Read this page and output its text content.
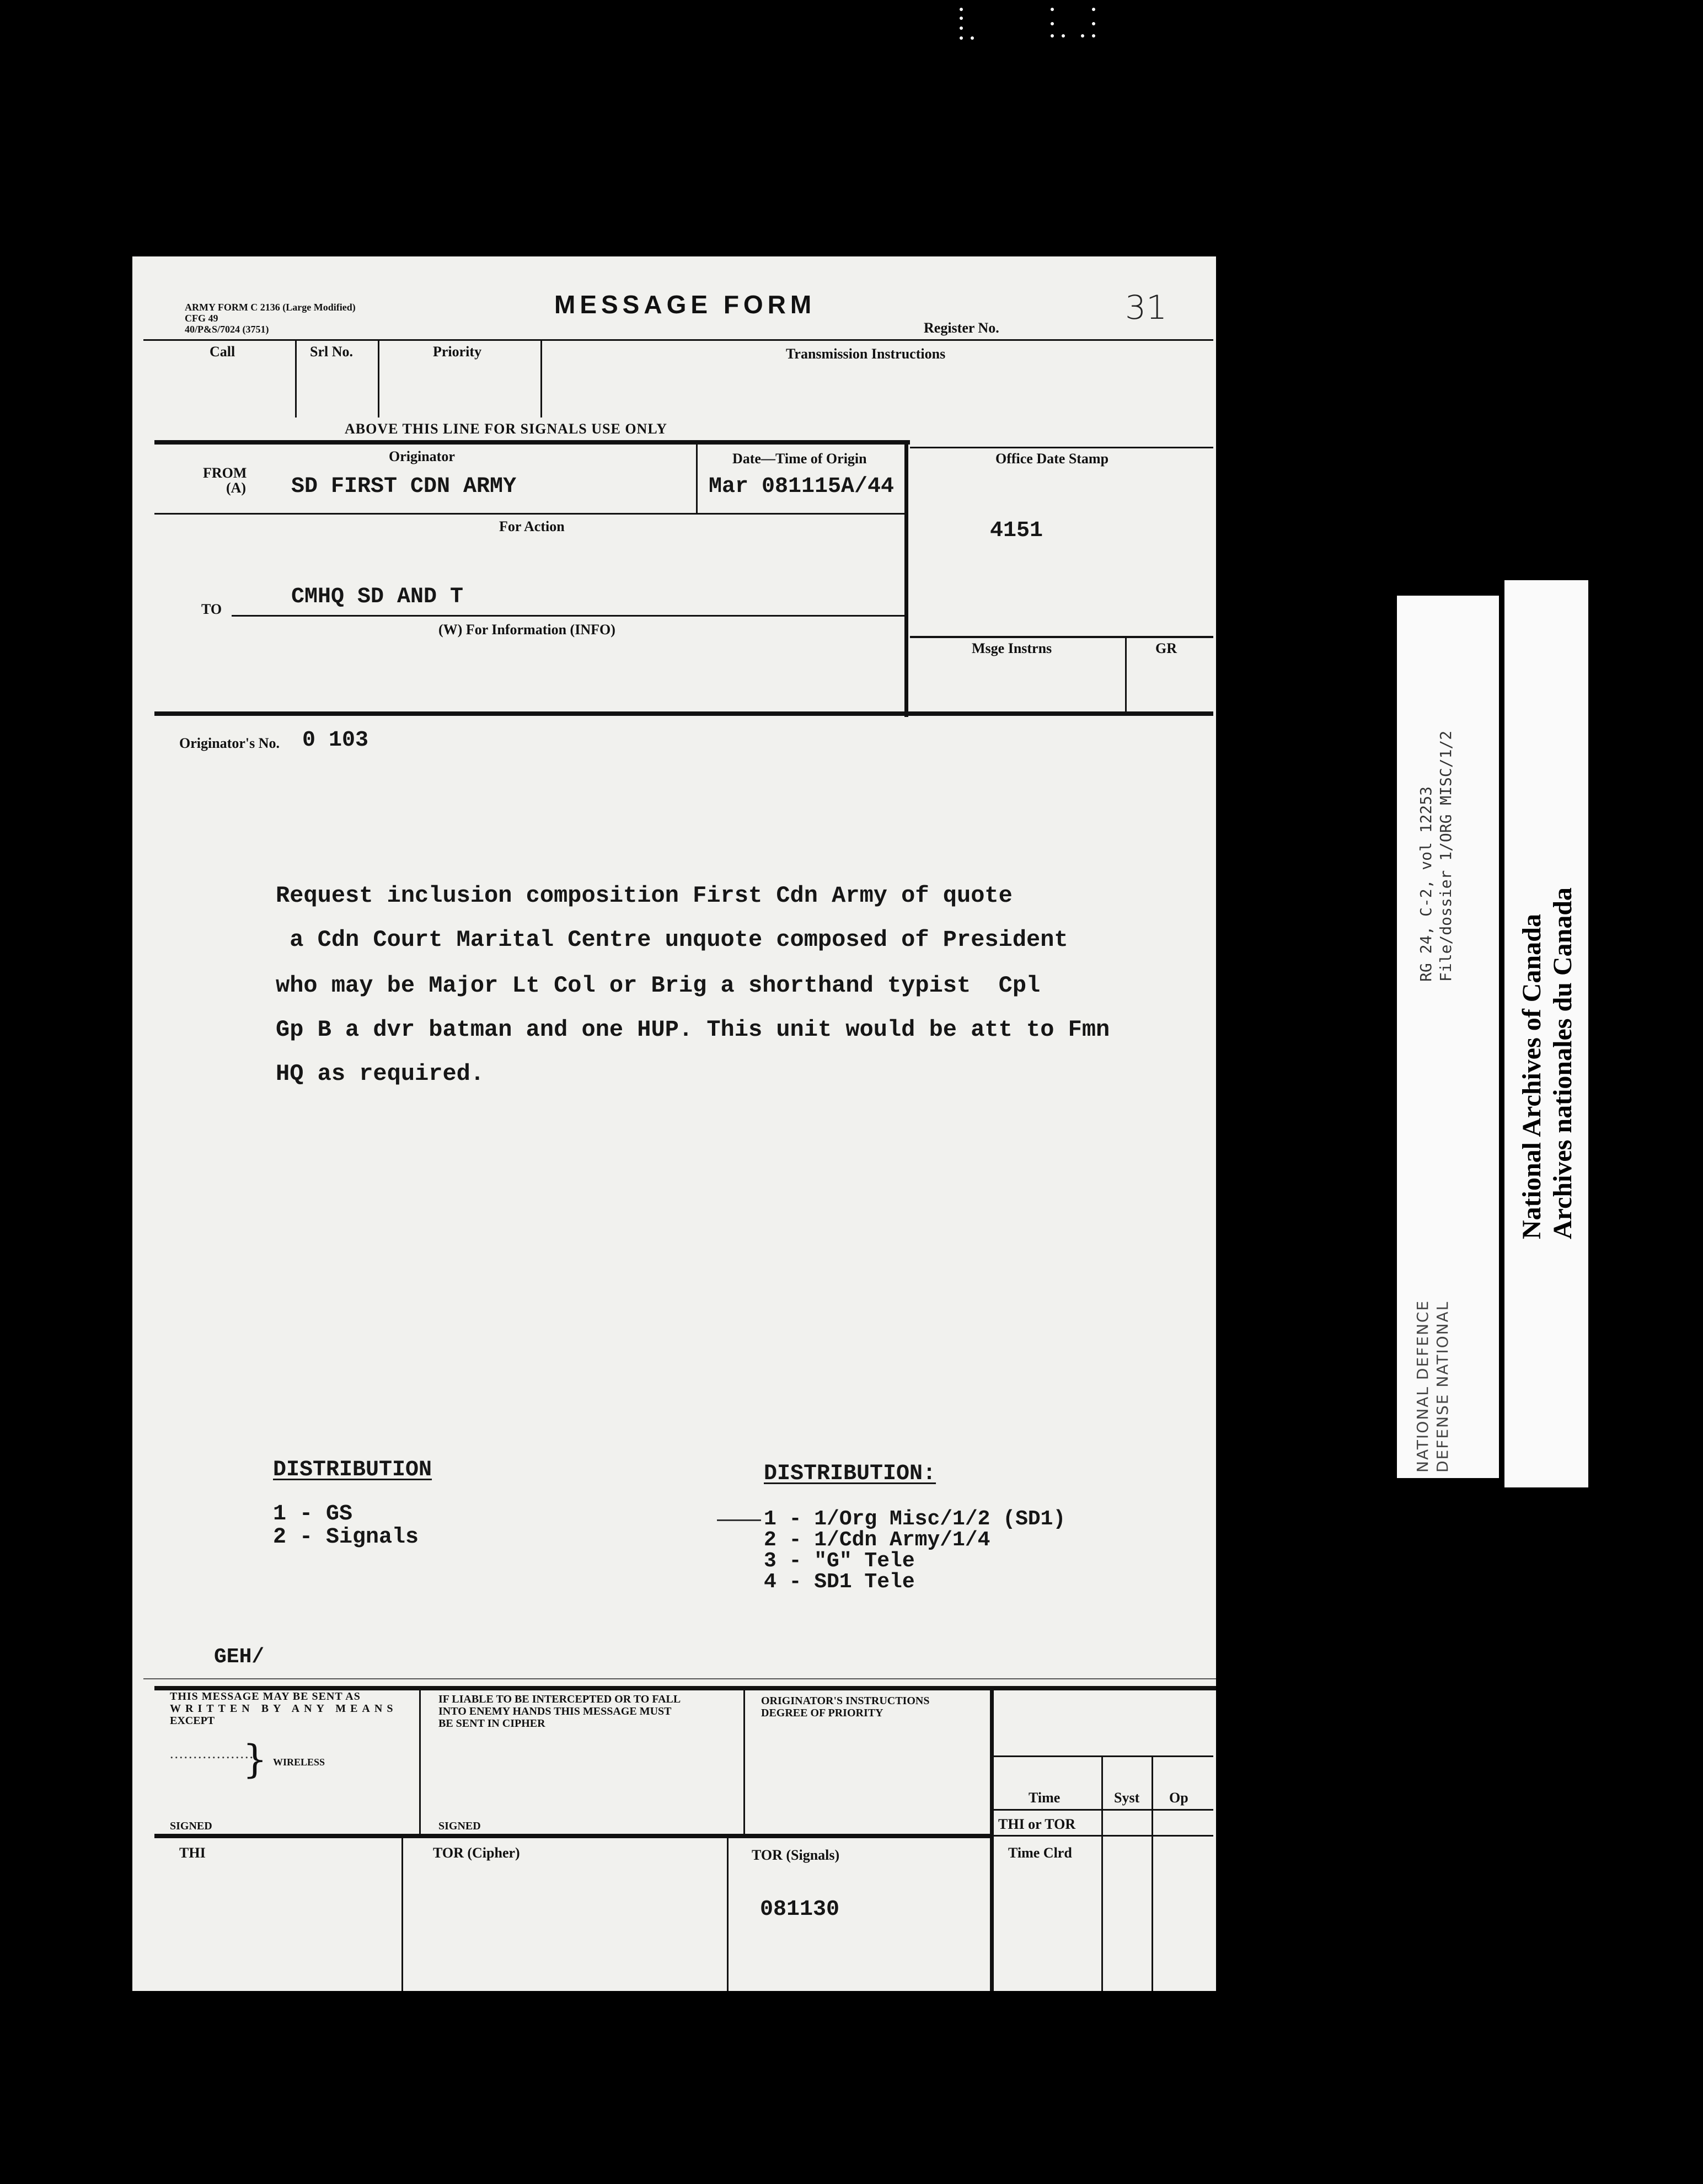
ARMY FORM C 2136 (Large Modified)
CFG 49
40/P&S/7024 (3751)
MESSAGE FORM
Register No.
31
Call	Srl No.	Priority	Transmission Instructions
ABOVE THIS LINE FOR SIGNALS USE ONLY
FROM
(A)
Originator
SD FIRST CDN ARMY
Date—Time of Origin
Mar 081115A/44
Office Date Stamp
4151
For Action
TO	CMHQ SD AND T
(W) For Information (INFO)
Msge Instrns	GR
Originator's No. 0 103
Request inclusion composition First Cdn Army of quote
a Cdn Court Marital Centre unquote composed of President
who may be Major Lt Col or Brig a shorthand typist  Cpl
Gp B a dvr batman and one HUP. This unit would be att to Fmn
HQ as required.
DISTRIBUTION
1 - GS
2 - Signals
DISTRIBUTION:
1 - 1/Org Misc/1/2 (SD1)
2 - 1/Cdn Army/1/4
3 - "G" Tele
4 - SD1 Tele
GEH/
THIS MESSAGE MAY BE SENT AS
WRITTEN BY ANY MEANS
EXCEPT
..................
} WIRELESS
SIGNED
IF LIABLE TO BE INTERCEPTED OR TO FALL
INTO ENEMY HANDS THIS MESSAGE MUST
BE SENT IN CIPHER
SIGNED
ORIGINATOR'S INSTRUCTIONS
DEGREE OF PRIORITY
Time	Syst Op
THI or TOR
Time Clrd
THI	TOR (Cipher)	TOR (Signals)
081130
RG 24, C-2, vol 12253 File/dossier 1/ORG MISC/1/2
NATIONAL DEFENCE DEFENSE NATIONAL
National Archives of Canada Archives nationales du Canada
